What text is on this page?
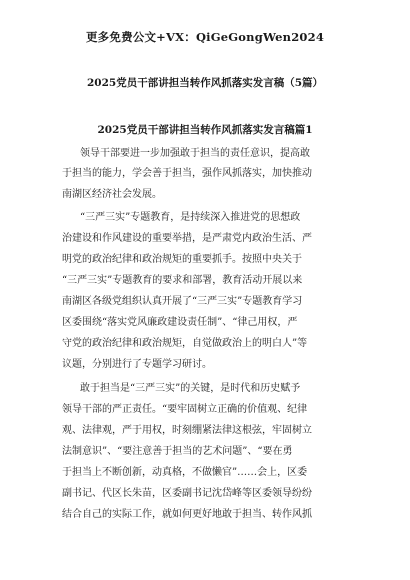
更多免费公文+VX：QiGeGongWen2024
2025党员干部讲担当转作风抓落实发言稿（5篇）
2025党员干部讲担当转作风抓落实发言稿篇1
领导干部要进一步加强敢于担当的责任意识，提高敢
于担当的能力，学会善于担当，强作风抓落实，加快推动
南湖区经济社会发展。
“三严三实”专题教育，是持续深入推进党的思想政
治建设和作风建设的重要举措，是严肃党内政治生活、严
明党的政治纪律和政治规矩的重要抓手。按照中央关于
“三严三实”专题教育的要求和部署，教育活动开展以来
南湖区各级党组织认真开展了“三严三实”专题教育学习
区委围绕“落实党风廉政建设责任制”、“律己用权，严
守党的政治纪律和政治规矩，自觉做政治上的明白人”等
议题，分别进行了专题学习研讨。
敢于担当是“三严三实”的关键，是时代和历史赋予
领导干部的严正责任。“要牢固树立正确的价值观、纪律
观、法律观，严于用权，时刻绷紧法律这根弦，牢固树立
法制意识”、“要注意善于担当的艺术问题”、“要在勇
于担当上不断创新，动真格，不做懒官”……会上，区委
副书记、代区长朱苗，区委副书记沈岱峰等区委领导纷纷
结合自己的实际工作，就如何更好地敢于担当、转作风抓
